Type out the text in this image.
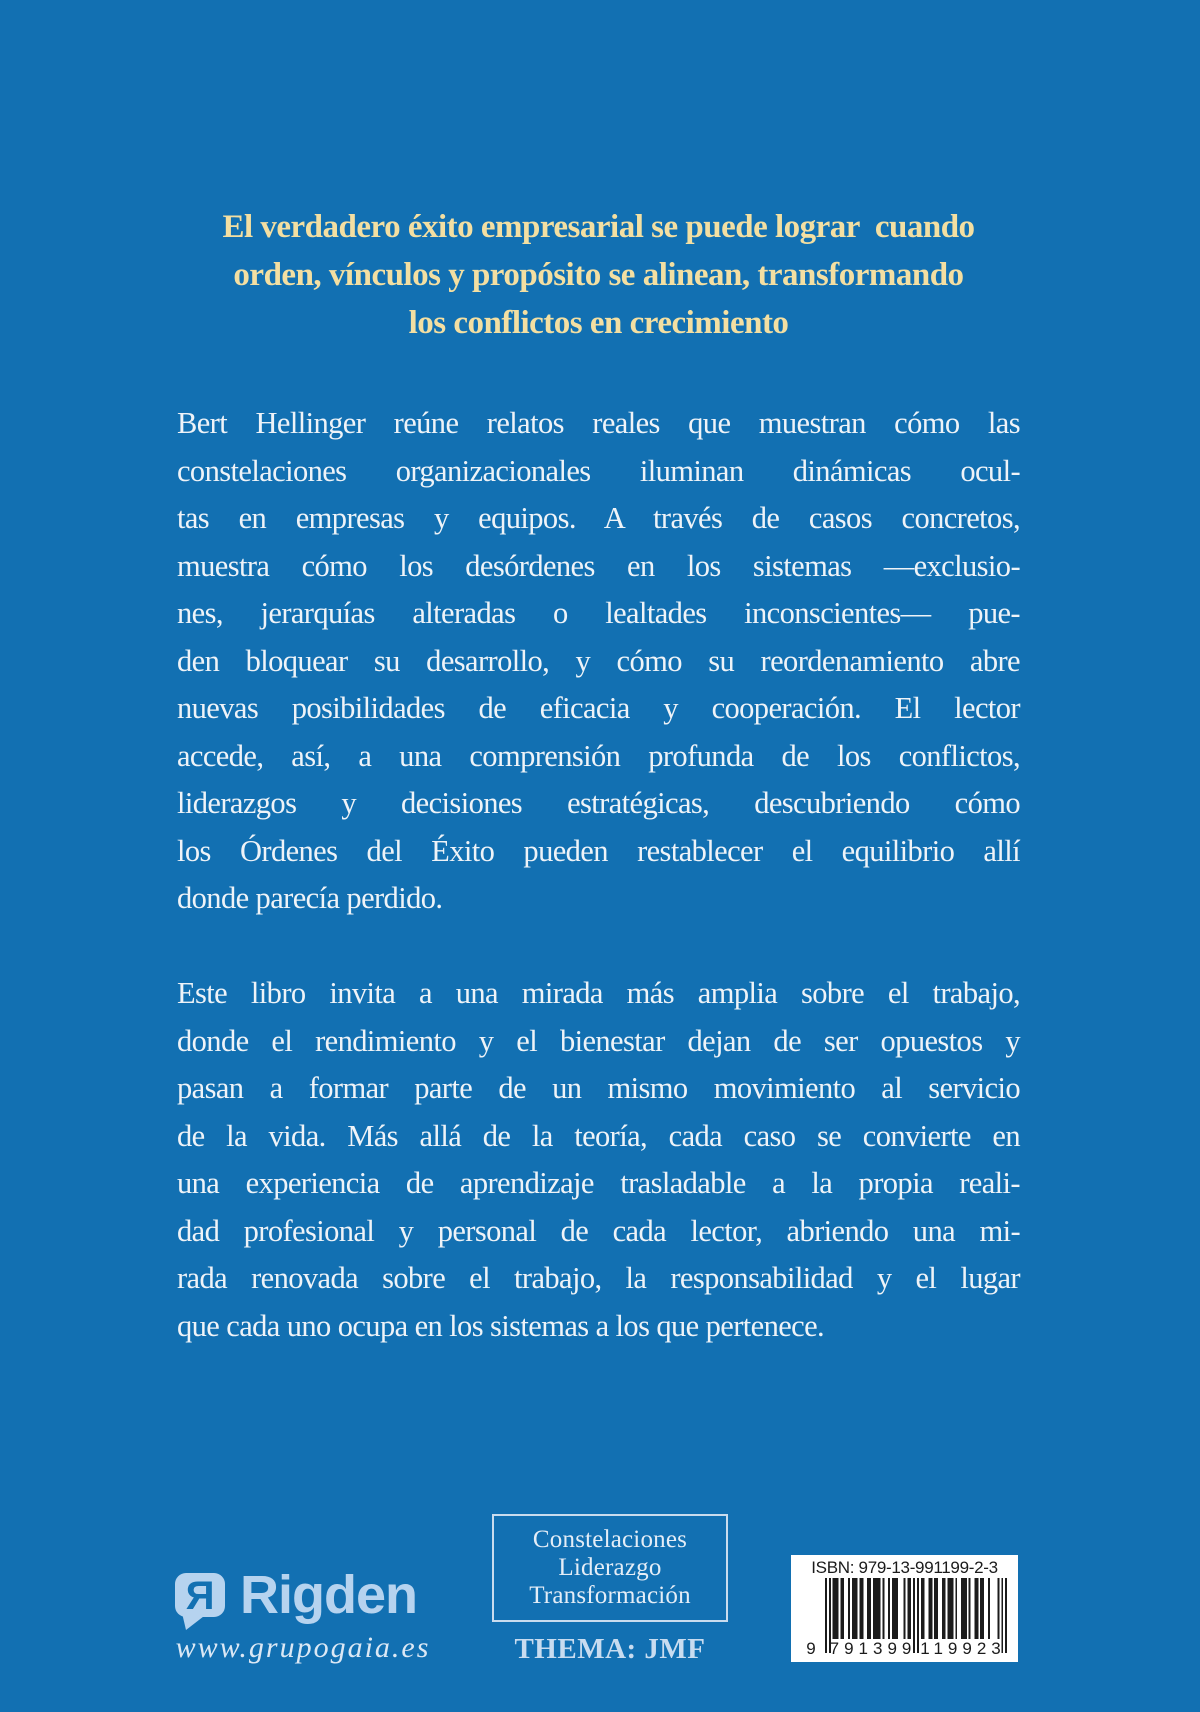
El verdadero éxito empresarial se puede lograr  cuando
orden, vínculos y propósito se alinean, transformando
los conflictos en crecimiento
Bert Hellinger reúne relatos reales que muestran cómo las
constelaciones organizacionales iluminan dinámicas ocul-
tas en empresas y equipos. A través de casos concretos,
muestra cómo los desórdenes en los sistemas —exclusio-
nes, jerarquías alteradas o lealtades inconscientes— pue-
den bloquear su desarrollo, y cómo su reordenamiento abre
nuevas posibilidades de eficacia y cooperación. El lector
accede, así, a una comprensión profunda de los conflictos,
liderazgos y decisiones estratégicas, descubriendo cómo
los Órdenes del Éxito pueden restablecer el equilibrio allí
donde parecía perdido.
Este libro invita a una mirada más amplia sobre el trabajo,
donde el rendimiento y el bienestar dejan de ser opuestos y
pasan a formar parte de un mismo movimiento al servicio
de la vida. Más allá de la teoría, cada caso se convierte en
una experiencia de aprendizaje trasladable a la propia reali-
dad profesional y personal de cada lector, abriendo una mi-
rada renovada sobre el trabajo, la responsabilidad y el lugar
que cada uno ocupa en los sistemas a los que pertenece.
R Rigden
www.grupogaia.es
Constelaciones
Liderazgo
Transformación
THEMA: JMF
ISBN: 979-13-991199-2-3
9 791399 119923
